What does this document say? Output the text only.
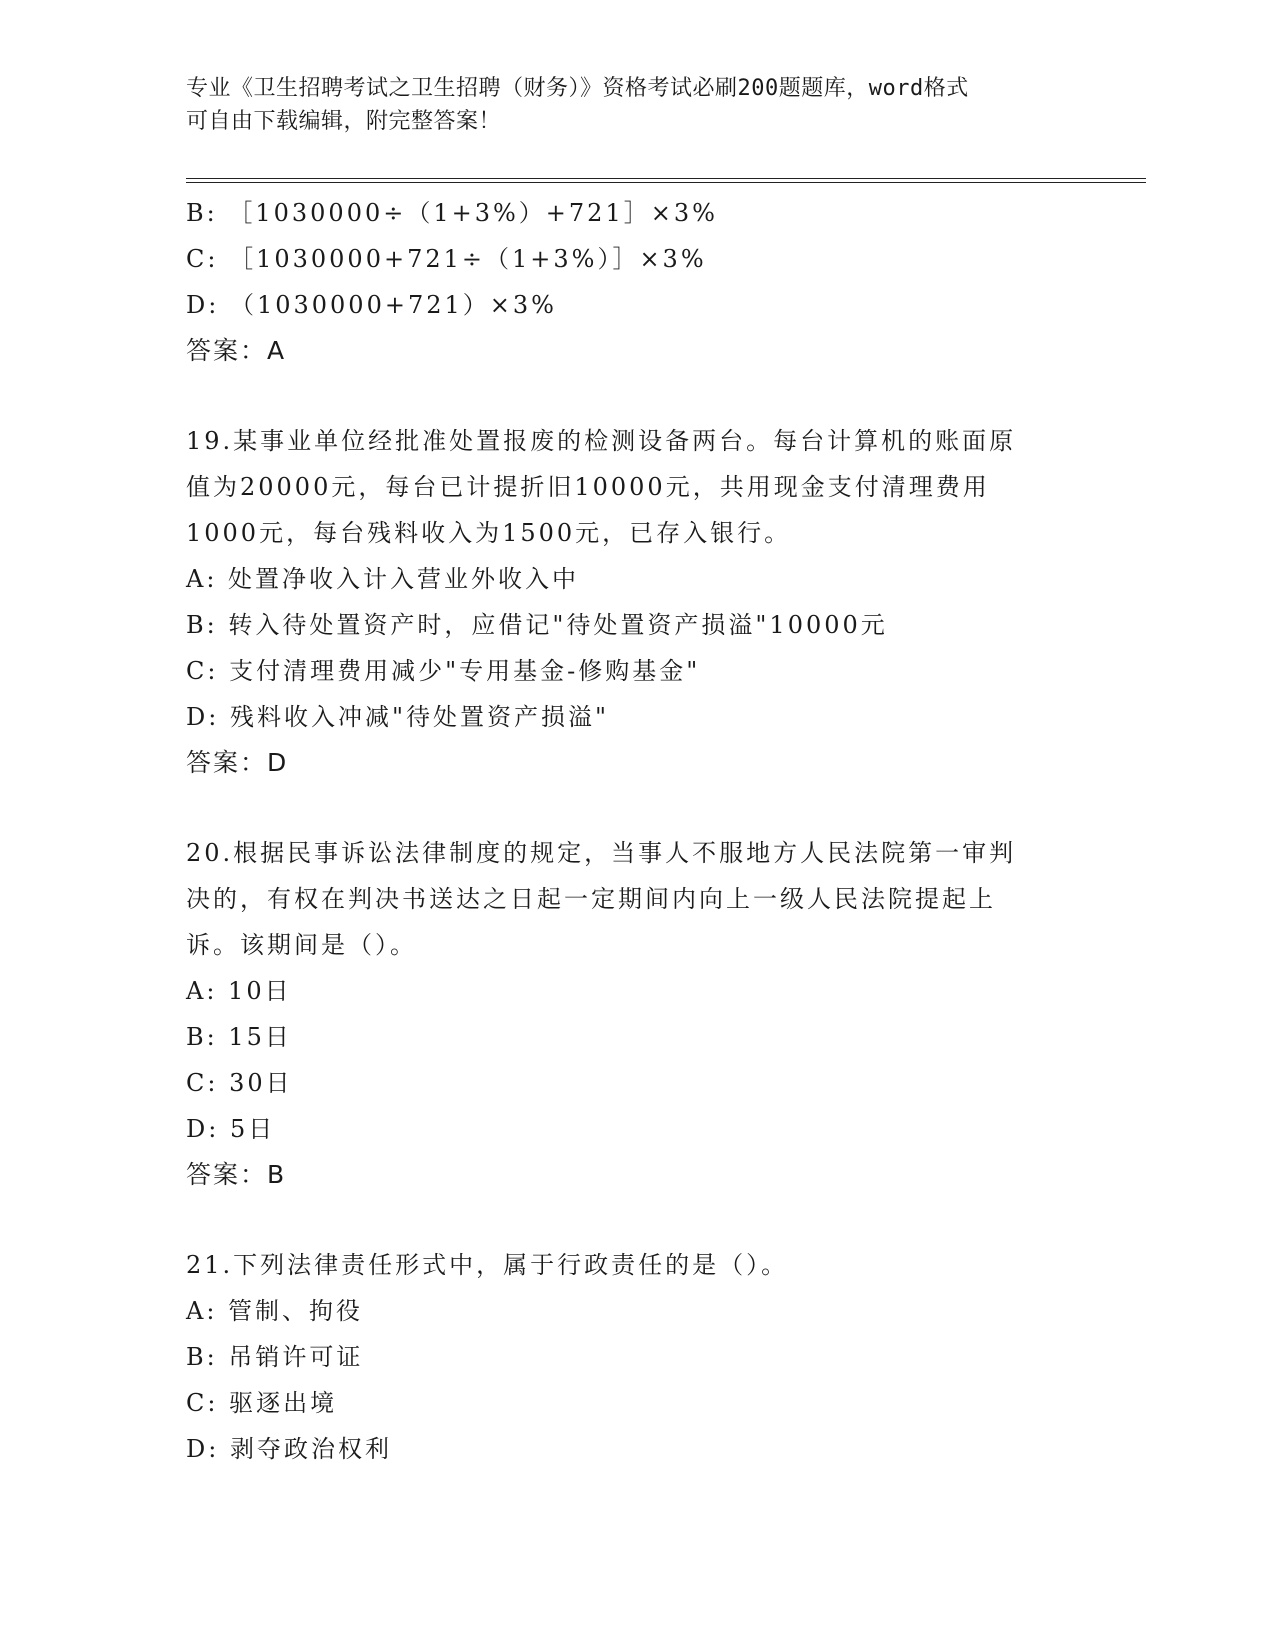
专业《卫生招聘考试之卫生招聘（财务）》资格考试必刷200题题库，word格式
可自由下载编辑，附完整答案！
B: ［1030000÷（1+3%）+721］×3%
C: ［1030000+721÷（1+3%）］×3%
D: （1030000+721）×3%
答案：A
19.某事业单位经批准处置报废的检测设备两台。每台计算机的账面原
值为20000元，每台已计提折旧10000元，共用现金支付清理费用
1000元，每台残料收入为1500元，已存入银行。
A: 处置净收入计入营业外收入中
B: 转入待处置资产时，应借记"待处置资产损溢"10000元
C: 支付清理费用减少"专用基金-修购基金"
D: 残料收入冲减"待处置资产损溢"
答案：D
20.根据民事诉讼法律制度的规定，当事人不服地方人民法院第一审判
决的，有权在判决书送达之日起一定期间内向上一级人民法院提起上
诉。该期间是（）。
A: 10日
B: 15日
C: 30日
D: 5日
答案：B
21.下列法律责任形式中，属于行政责任的是（）。
A: 管制、拘役
B: 吊销许可证
C: 驱逐出境
D: 剥夺政治权利
